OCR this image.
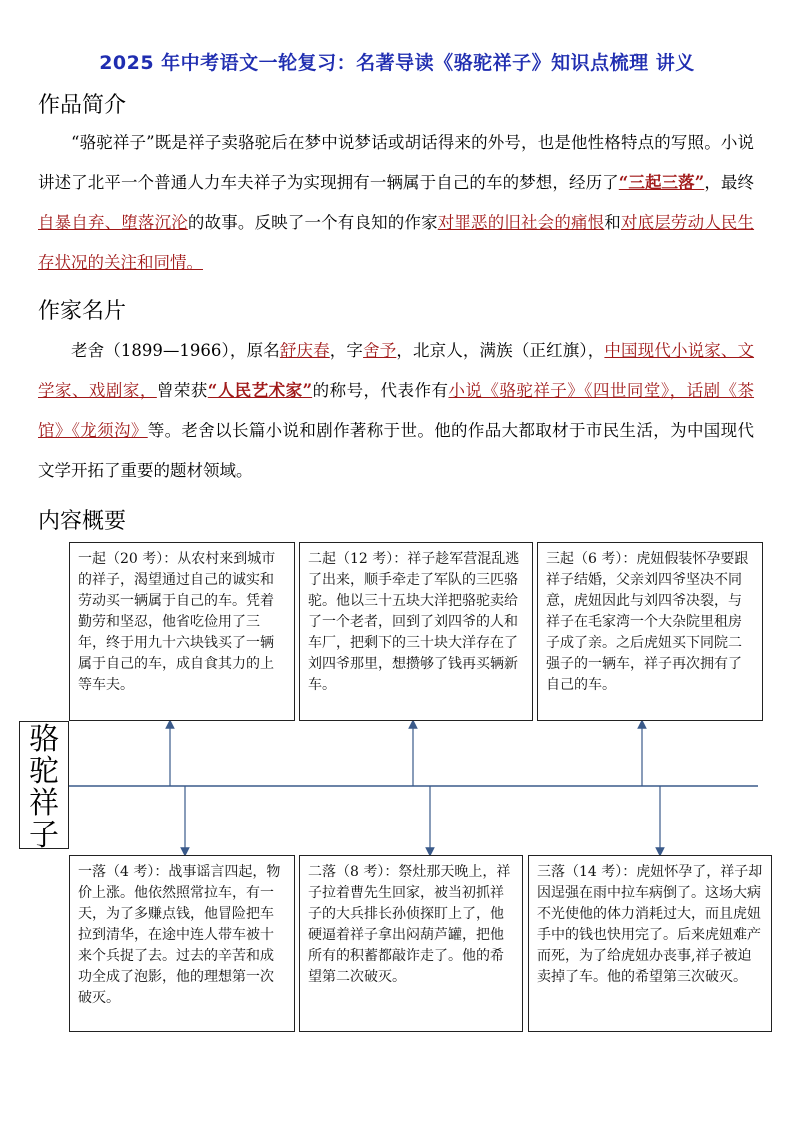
2025 年中考语文一轮复习：名著导读《骆驼祥子》知识点梳理 讲义
作品简介
“骆驼祥子”既是祥子卖骆驼后在梦中说梦话或胡话得来的外号，也是他性格特点的写照。小说讲述了北平一个普通人力车夫祥子为实现拥有一辆属于自己的车的梦想，经历了“三起三落”，最终自暴自弃、堕落沉沦的故事。反映了一个有良知的作家对罪恶的旧社会的痛恨和对底层劳动人民生存状况的关注和同情。
作家名片
老舍（1899—1966），原名舒庆春，字舍予，北京人，满族（正红旗），中国现代小说家、文学家、戏剧家，曾荣获“人民艺术家”的称号，代表作有小说《骆驼祥子》《四世同堂》，话剧《茶馆》《龙须沟》等。老舍以长篇小说和剧作著称于世。他的作品大都取材于市民生活，为中国现代文学开拓了重要的题材领域。
内容概要
骆
驼
祥
子
一起（20 考）：从农村来到城市的祥子，渴望通过自己的诚实和劳动买一辆属于自己的车。凭着勤劳和坚忍，他省吃俭用了三年，终于用九十六块钱买了一辆属于自己的车，成自食其力的上等车夫。
二起（12 考）：祥子趁军营混乱逃了出来，顺手牵走了军队的三匹骆驼。他以三十五块大洋把骆驼卖给了一个老者，回到了刘四爷的人和车厂，把剩下的三十块大洋存在了刘四爷那里，想攒够了钱再买辆新车。
三起（6 考）：虎妞假装怀孕要跟祥子结婚，父亲刘四爷坚决不同意，虎妞因此与刘四爷决裂，与祥子在毛家湾一个大杂院里租房子成了亲。之后虎妞买下同院二强子的一辆车，祥子再次拥有了自己的车。
一落（4 考）：战事谣言四起，物价上涨。他依然照常拉车，有一天，为了多赚点钱，他冒险把车拉到清华，在途中连人带车被十来个兵捉了去。过去的辛苦和成功全成了泡影，他的理想第一次破灭。
二落（8 考）：祭灶那天晚上，祥子拉着曹先生回家，被当初抓祥子的大兵排长孙侦探盯上了，他硬逼着祥子拿出闷葫芦罐，把他所有的积蓄都敲诈走了。他的希望第二次破灭。
三落（14 考）：虎妞怀孕了，祥子却因逞强在雨中拉车病倒了。这场大病不光使他的体力消耗过大，而且虎妞手中的钱也快用完了。后来虎妞难产而死，为了给虎妞办丧事,祥子被迫卖掉了车。他的希望第三次破灭。
